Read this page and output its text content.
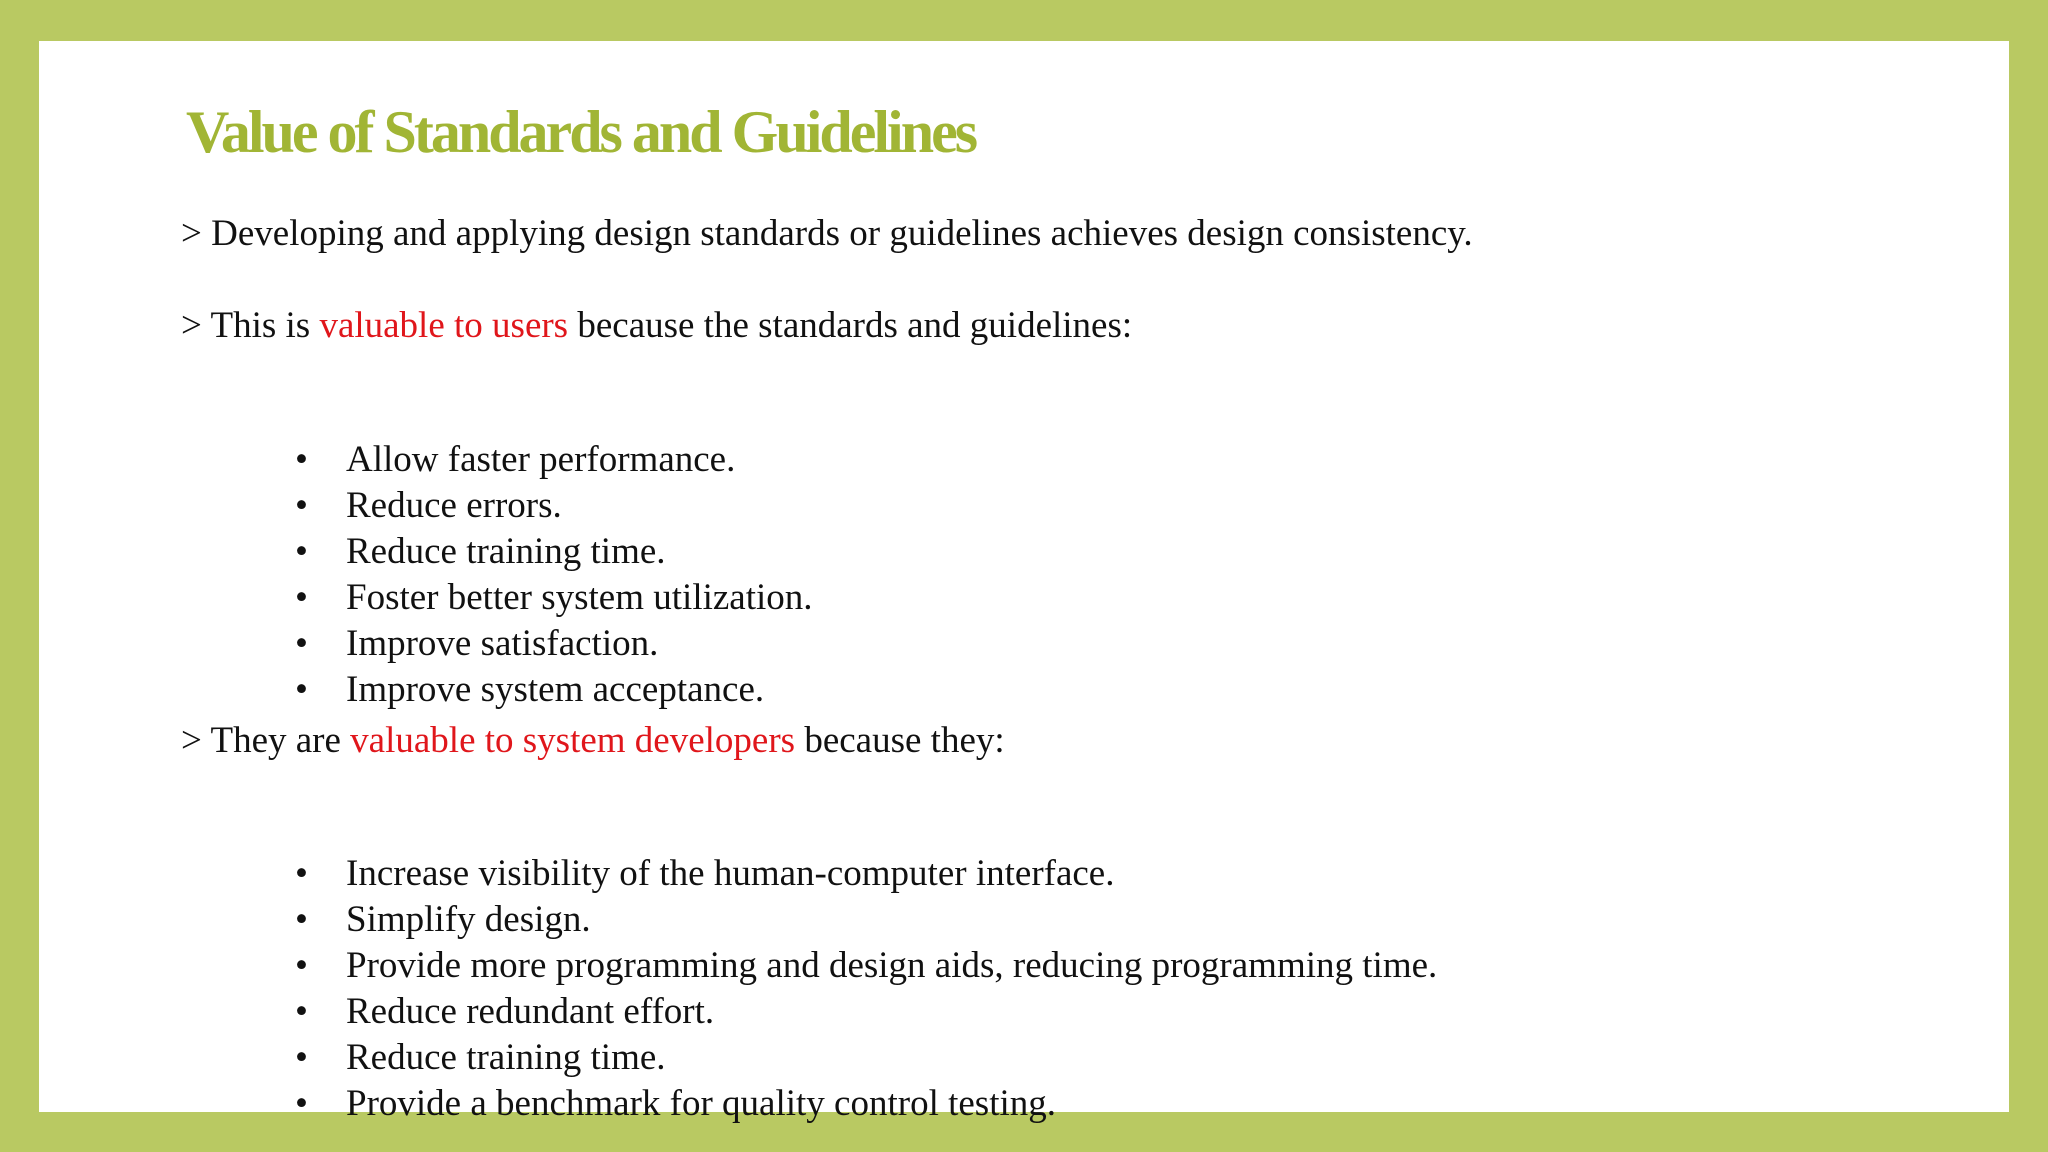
Value of Standards and Guidelines
> Developing and applying design standards or guidelines achieves design consistency.
> This is valuable to users because the standards and guidelines:
• Allow faster performance.
• Reduce errors.
• Reduce training time.
• Foster better system utilization.
• Improve satisfaction.
• Improve system acceptance.
> They are valuable to system developers because they:
• Increase visibility of the human-computer interface.
• Simplify design.
• Provide more programming and design aids, reducing programming time.
• Reduce redundant effort.
• Reduce training time.
• Provide a benchmark for quality control testing.
